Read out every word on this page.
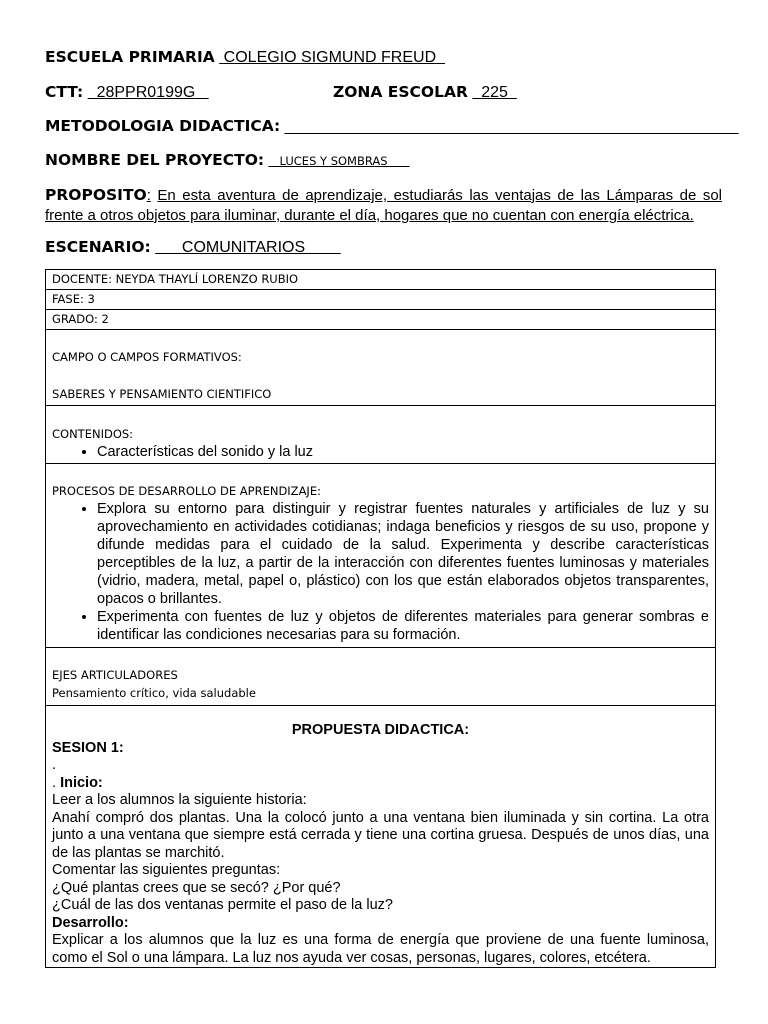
ESCUELA PRIMARIA COLEGIO SIGMUND FREUD
CTT: 28PPR0199G	ZONA ESCOLAR 225
METODOLOGIA DIDACTICA: ___________________________________________________
NOMBRE DEL PROYECTO: LUCES Y SOMBRAS
PROPOSITO: En esta aventura de aprendizaje, estudiarás las ventajas de las Lámparas de sol frente a otros objetos para iluminar, durante el día, hogares que no cuentan con energía eléctrica.
ESCENARIO: COMUNITARIOS
DOCENTE: NEYDA THAYLÍ LORENZO RUBIO
FASE: 3
GRADO: 2

CAMPO O CAMPOS FORMATIVOS:
SABERES Y PENSAMIENTO CIENTIFICO

CONTENIDOS:
• Características del sonido y la luz

PROCESOS DE DESARROLLO DE APRENDIZAJE:
• Explora su entorno para distinguir y registrar fuentes naturales y artificiales de luz y su aprovechamiento en actividades cotidianas; indaga beneficios y riesgos de su uso, propone y difunde medidas para el cuidado de la salud. Experimenta y describe características perceptibles de la luz, a partir de la interacción con diferentes fuentes luminosas y materiales (vidrio, madera, metal, papel o, plástico) con los que están elaborados objetos transparentes, opacos o brillantes.
• Experimenta con fuentes de luz y objetos de diferentes materiales para generar sombras e identificar las condiciones necesarias para su formación.

EJES ARTICULADORES
Pensamiento crítico, vida saludable

PROPUESTA DIDACTICA:
SESION 1:
.
. Inicio:
Leer a los alumnos la siguiente historia:
Anahí compró dos plantas. Una la colocó junto a una ventana bien iluminada y sin cortina. La otra junto a una ventana que siempre está cerrada y tiene una cortina gruesa. Después de unos días, una de las plantas se marchitó.
Comentar las siguientes preguntas:
¿Qué plantas crees que se secó? ¿Por qué?
¿Cuál de las dos ventanas permite el paso de la luz?
Desarrollo:
Explicar a los alumnos que la luz es una forma de energía que proviene de una fuente luminosa, como el Sol o una lámpara. La luz nos ayuda ver cosas, personas, lugares, colores, etcétera.
